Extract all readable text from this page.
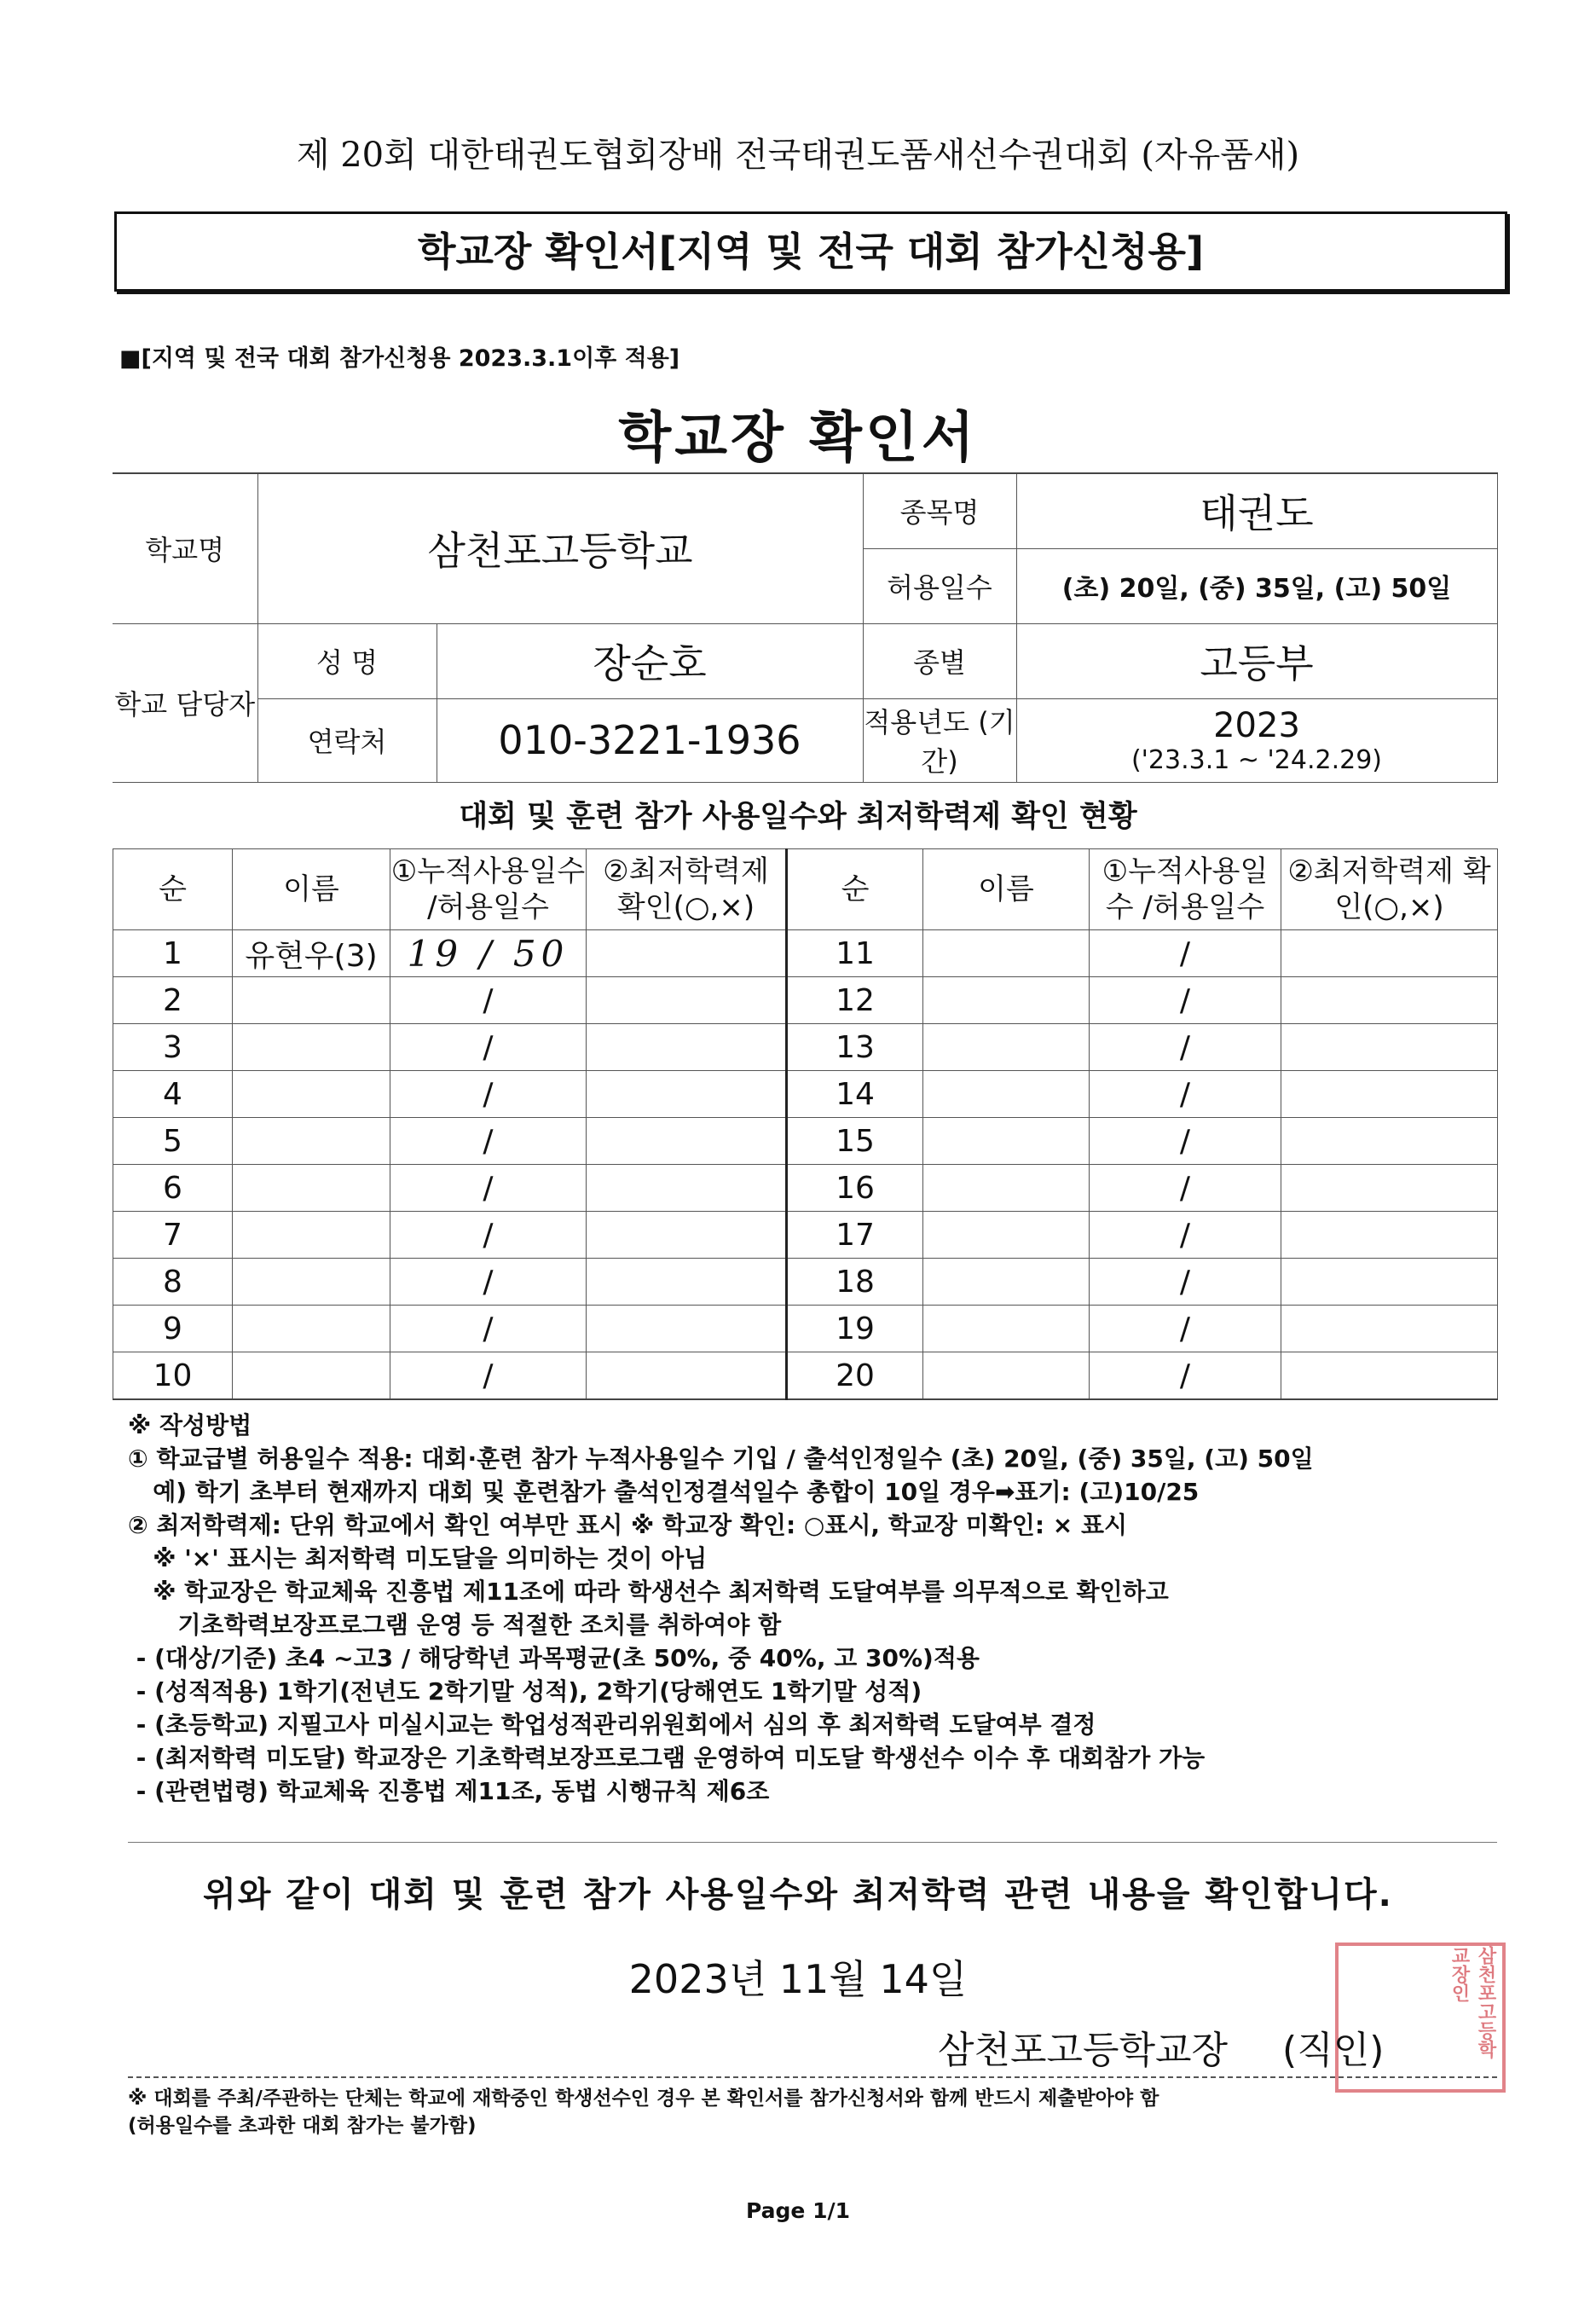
제 20회 대한태권도협회장배 전국태권도품새선수권대회 (자유품새)
학교장 확인서[지역 및 전국 대회 참가신청용]
■[지역 및 전국 대회 참가신청용 2023.3.1이후 적용]
학교장 확인서
학교명	삼천포고등학교		종목명	태권도
			허용일수	(초) 20일, (중) 35일, (고) 50일
학교 담당자	성 명	장순호	종별	고등부
	연락처	010-3221-1936	적용년도 (기간)	2023
('23.3.1 ~ '24.2.29)
대회 및 훈련 참가 사용일수와 최저학력제 확인 현황
순	이름	①누적사용일수 /허용일수	②최저학력제 확인(○,×)	순	이름	①누적사용일수 /허용일수	②최저학력제 확인(○,×)
1	유현우(3)	19 / 50		11		/	
2		/		12		/	
3		/		13		/	
4		/		14		/	
5		/		15		/	
6		/		16		/	
7		/		17		/	
8		/		18		/	
9		/		19		/	
10		/		20		/	
※ 작성방법
① 학교급별 허용일수 적용: 대회·훈련 참가 누적사용일수 기입 / 출석인정일수 (초) 20일, (중) 35일, (고) 50일
예) 학기 초부터 현재까지 대회 및 훈련참가 출석인정결석일수 총합이 10일 경우➡표기: (고)10/25
② 최저학력제: 단위 학교에서 확인 여부만 표시 ※ 학교장 확인: ○표시, 학교장 미확인: × 표시
※ '×' 표시는 최저학력 미도달을 의미하는 것이 아님
※ 학교장은 학교체육 진흥법 제11조에 따라 학생선수 최저학력 도달여부를 의무적으로 확인하고
기초학력보장프로그램 운영 등 적절한 조치를 취하여야 함
- (대상/기준) 초4 ~고3 / 해당학년 과목평균(초 50%, 중 40%, 고 30%)적용
- (성적적용) 1학기(전년도 2학기말 성적), 2학기(당해연도 1학기말 성적)
- (초등학교) 지필고사 미실시교는 학업성적관리위원회에서 심의 후 최저학력 도달여부 결정
- (최저학력 미도달) 학교장은 기초학력보장프로그램 운영하여 미도달 학생선수 이수 후 대회참가 가능
- (관련법령) 학교체육 진흥법 제11조, 동법 시행규칙 제6조
위와 같이 대회 및 훈련 참가 사용일수와 최저학력 관련 내용을 확인합니다.
2023년 11월 14일	삼천포고등학교장인
삼천포고등학교장 (직인)
※ 대회를 주최/주관하는 단체는 학교에 재학중인 학생선수인 경우 본 확인서를 참가신청서와 함께 반드시 제출받아야 함
(허용일수를 초과한 대회 참가는 불가함)
Page 1/1
